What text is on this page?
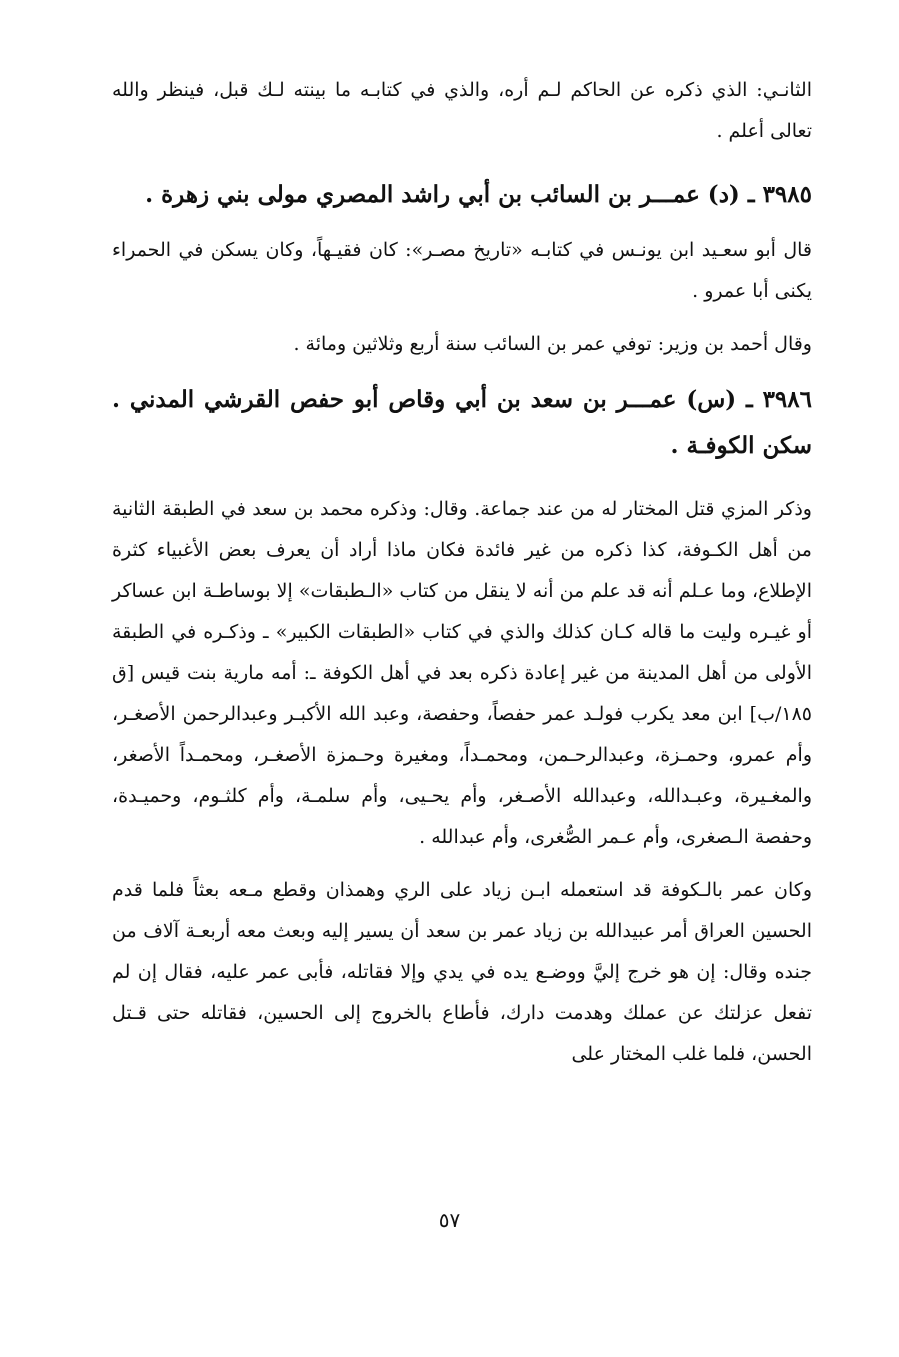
الثانـي: الذي ذكره عن الحاكم لـم أره، والذي في كتابـه ما بينته لـك قبل، فينظر والله تعالى أعلم .

٣٩٨٥ ـ (د) عمـــر بن السائب بن أبي راشد المصري مولى بني زهرة .

قال أبو سعـيد ابن يونـس في كتابـه «تاريخ مصـر»: كان فقيـهاً، وكان يسكن في الحمراء يكنى أبا عمرو .

وقال أحمد بن وزير: توفي عمر بن السائب سنة أربع وثلاثين ومائة .

٣٩٨٦ ـ (س) عمـــر بن سعد بن أبي وقاص أبو حفص القرشي المدني . سكن الكوفـة .

وذكر المزي قتل المختار له من عند جماعة. وقال: وذكره محمد بن سعد في الطبقة الثانية من أهل الكـوفة، كذا ذكره من غير فائدة فكان ماذا أراد أن يعرف بعض الأغبياء كثرة الإطلاع، وما عـلم أنه قد علم من أنه لا ينقل من كتاب «الـطبقات» إلا بوساطـة ابن عساكر أو غيـره وليت ما قاله كـان كذلك والذي في كتاب «الطبقات الكبير» ـ وذكـره في الطبقة الأولى من أهل المدينة من غير إعادة ذكره بعد في أهل الكوفة ـ: أمه مارية بنت قيس [ق ١٨٥/ب] ابن معد يكرب فولـد عمر حفصاً، وحفصة، وعبد الله الأكبـر وعبدالرحمن الأصغـر، وأم عمرو، وحمـزة، وعبدالرحـمن، ومحمـداً، ومغيرة وحـمزة الأصغـر، ومحمـداً الأصغر، والمغـيرة، وعبـدالله، وعبدالله الأصـغر، وأم يحـيى، وأم سلمـة، وأم كلثـوم، وحميـدة، وحفصة الـصغرى، وأم عـمر الصُّغرى، وأم عبدالله .

وكان عمر بالـكوفة قد استعمله ابـن زياد على الري وهمذان وقطع مـعه بعثاً فلما قدم الحسين العراق أمر عبيدالله بن زياد عمر بن سعد أن يسير إليه وبعث معه أربعـة آلاف من جنده وقال: إن هو خرج إليَّ ووضـع يده في يدي وإلا فقاتله، فأبى عمر عليه، فقال إن لم تفعل عزلتك عن عملك وهدمت دارك، فأطاع بالخروج إلى الحسين، فقاتله حتى قـتل الحسن، فلما غلب المختار على

٥٧
